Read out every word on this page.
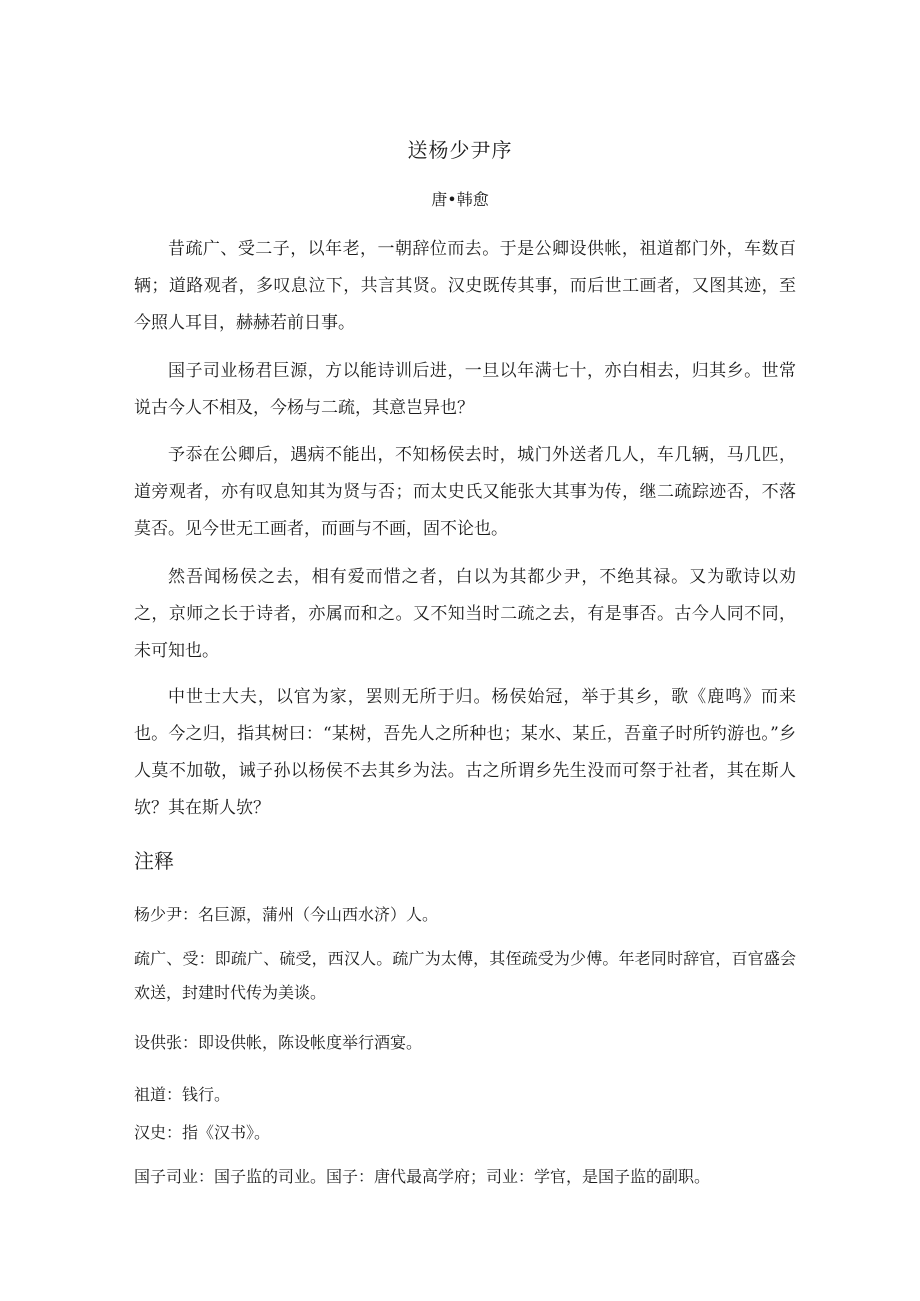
送杨少尹序
唐•韩愈

昔疏广、受二子，以年老，一朝辞位而去。于是公卿设供帐，祖道都门外，车数百辆；道路观者，多叹息泣下，共言其贤。汉史既传其事，而后世工画者，又图其迹，至今照人耳目，赫赫若前日事。

国子司业杨君巨源，方以能诗训后进，一旦以年满七十，亦白相去，归其乡。世常说古今人不相及，今杨与二疏，其意岂异也？

予忝在公卿后，遇病不能出，不知杨侯去时，城门外送者几人，车几辆，马几匹，道旁观者，亦有叹息知其为贤与否；而太史氏又能张大其事为传，继二疏踪迹否，不落莫否。见今世无工画者，而画与不画，固不论也。

然吾闻杨侯之去，相有爱而惜之者，白以为其都少尹，不绝其禄。又为歌诗以劝之，京师之长于诗者，亦属而和之。又不知当时二疏之去，有是事否。古今人同不同，未可知也。

中世士大夫，以官为家，罢则无所于归。杨侯始冠，举于其乡，歌《鹿鸣》而来也。今之归，指其树曰：“某树，吾先人之所种也；某水、某丘，吾童子时所钓游也。”乡人莫不加敬，诫子孙以杨侯不去其乡为法。古之所谓乡先生没而可祭于社者，其在斯人欤？其在斯人欤？

注释

杨少尹：名巨源，蒲州（今山西水济）人。

疏广、受：即疏广、硫受，西汉人。疏广为太傅，其侄疏受为少傅。年老同时辞官，百官盛会欢送，封建时代传为美谈。

设供张：即设供帐，陈设帐度举行酒宴。

祖道：钱行。

汉史：指《汉书》。

国子司业：国子监的司业。国子：唐代最高学府；司业：学官，是国子监的副职。
